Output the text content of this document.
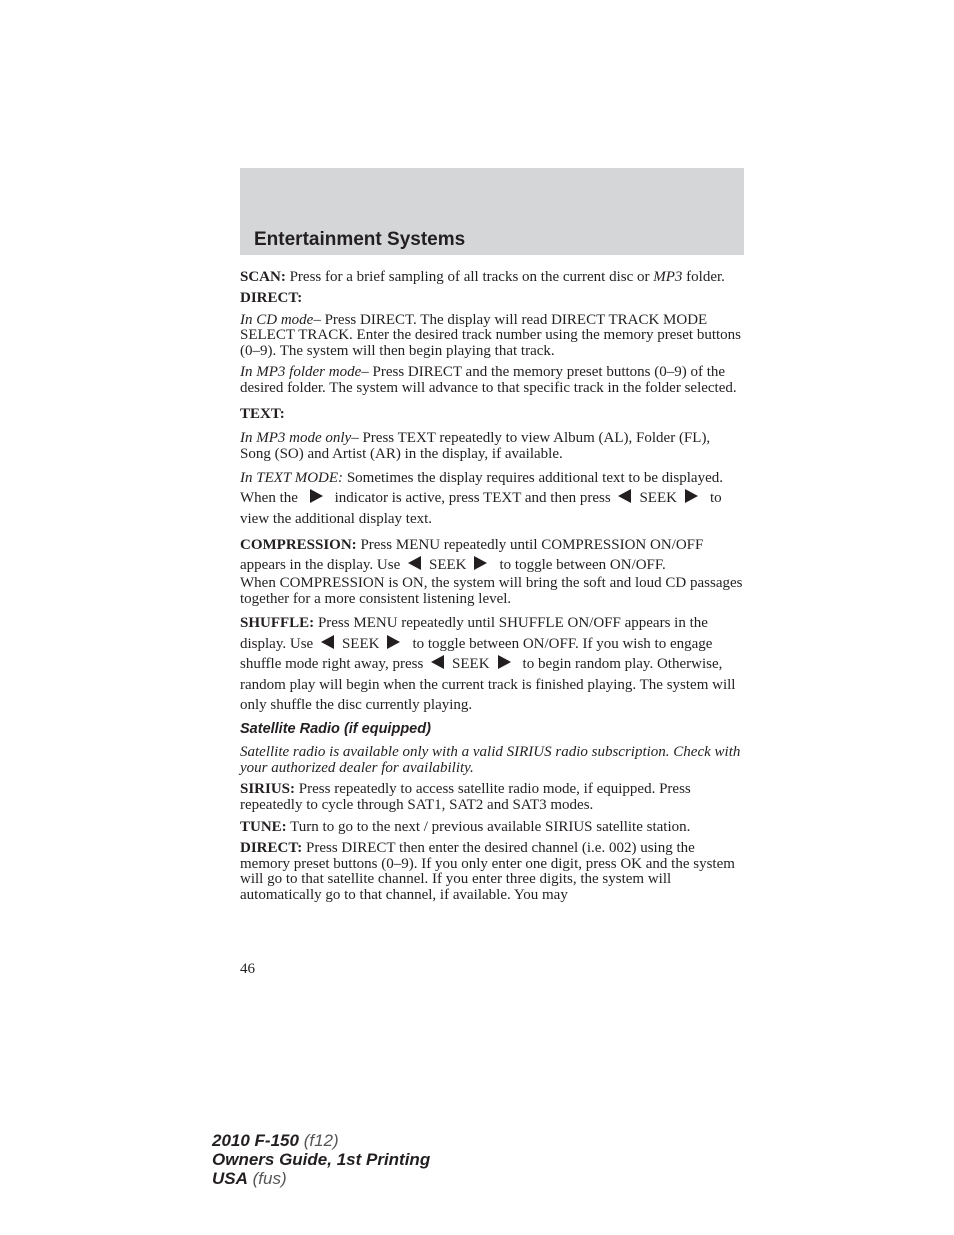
Entertainment Systems

SCAN: Press for a brief sampling of all tracks on the current disc or MP3 folder.

DIRECT:

In CD mode– Press DIRECT. The display will read DIRECT TRACK MODE SELECT TRACK. Enter the desired track number using the memory preset buttons (0–9). The system will then begin playing that track.

In MP3 folder mode– Press DIRECT and the memory preset buttons (0–9) of the desired folder. The system will advance to that specific track in the folder selected.

TEXT:

In MP3 mode only– Press TEXT repeatedly to view Album (AL), Folder (FL), Song (SO) and Artist (AR) in the display, if available.

In TEXT MODE: Sometimes the display requires additional text to be displayed. When the indicator is active, press TEXT and then press SEEK to view the additional display text.

COMPRESSION: Press MENU repeatedly until COMPRESSION ON/OFF appears in the display. Use SEEK to toggle between ON/OFF.

When COMPRESSION is ON, the system will bring the soft and loud CD passages together for a more consistent listening level.

SHUFFLE: Press MENU repeatedly until SHUFFLE ON/OFF appears in the display. Use SEEK to toggle between ON/OFF. If you wish to engage shuffle mode right away, press SEEK to begin random play. Otherwise, random play will begin when the current track is finished playing. The system will only shuffle the disc currently playing.

Satellite Radio (if equipped)

Satellite radio is available only with a valid SIRIUS radio subscription. Check with your authorized dealer for availability.

SIRIUS: Press repeatedly to access satellite radio mode, if equipped. Press repeatedly to cycle through SAT1, SAT2 and SAT3 modes.

TUNE: Turn to go to the next / previous available SIRIUS satellite station.

DIRECT: Press DIRECT then enter the desired channel (i.e. 002) using the memory preset buttons (0–9). If you only enter one digit, press OK and the system will go to that satellite channel. If you enter three digits, the system will automatically go to that channel, if available. You may

46
2010 F-150 (f12)
Owners Guide, 1st Printing
USA (fus)
